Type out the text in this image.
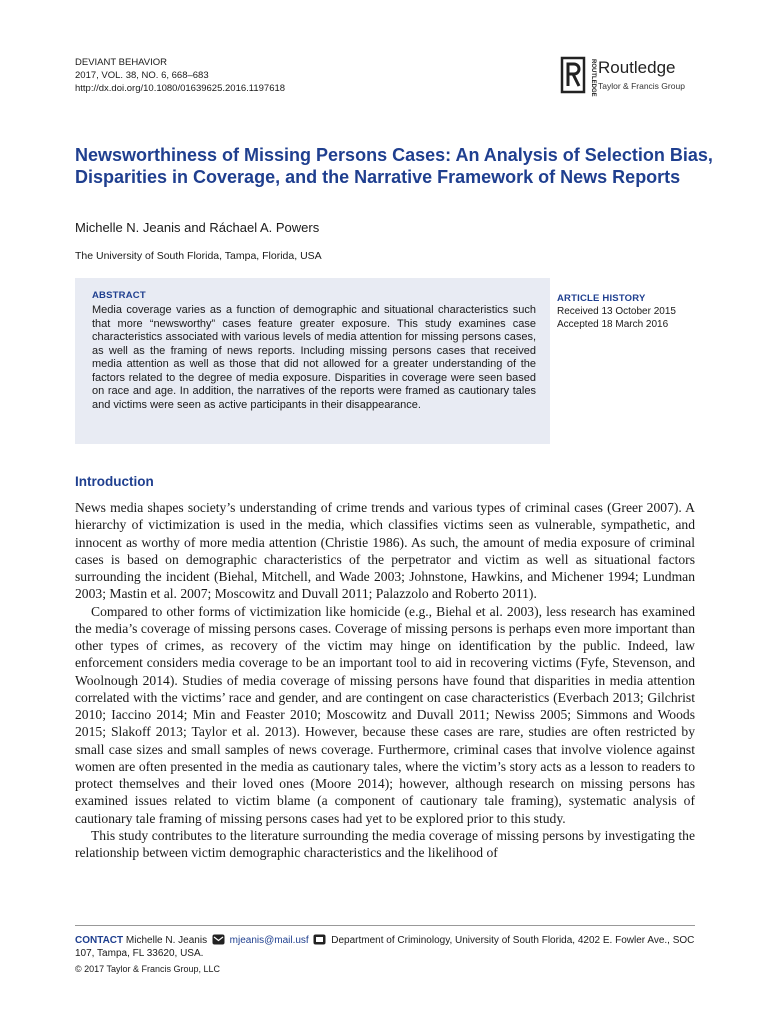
DEVIANT BEHAVIOR
2017, VOL. 38, NO. 6, 668–683
http://dx.doi.org/10.1080/01639625.2016.1197618	ROUTLEDGE Routledge
Taylor & Francis Group
Newsworthiness of Missing Persons Cases: An Analysis of Selection Bias, Disparities in Coverage, and the Narrative Framework of News Reports
Michelle N. Jeanis and Ráchael A. Powers
The University of South Florida, Tampa, Florida, USA
ABSTRACT
Media coverage varies as a function of demographic and situational characteristics such that more “newsworthy” cases feature greater exposure. This study examines case characteristics associated with various levels of media attention for missing persons cases, as well as the framing of news reports. Including missing persons cases that received media attention as well as those that did not allowed for a greater understanding of the factors related to the degree of media exposure. Disparities in coverage were seen based on race and age. In addition, the narratives of the reports were framed as cautionary tales and victims were seen as active participants in their disappearance.
ARTICLE HISTORY
Received 13 October 2015
Accepted 18 March 2016
Introduction

News media shapes society’s understanding of crime trends and various types of criminal cases (Greer 2007). A hierarchy of victimization is used in the media, which classifies victims seen as vulnerable, sympathetic, and innocent as worthy of more media attention (Christie 1986). As such, the amount of media exposure of criminal cases is based on demographic characteristics of the perpetrator and victim as well as situational factors surrounding the incident (Biehal, Mitchell, and Wade 2003; Johnstone, Hawkins, and Michener 1994; Lundman 2003; Mastin et al. 2007; Moscowitz and Duvall 2011; Palazzolo and Roberto 2011).

Compared to other forms of victimization like homicide (e.g., Biehal et al. 2003), less research has examined the media’s coverage of missing persons cases. Coverage of missing persons is perhaps even more important than other types of crimes, as recovery of the victim may hinge on identification by the public. Indeed, law enforcement considers media coverage to be an important tool to aid in recovering victims (Fyfe, Stevenson, and Woolnough 2014). Studies of media coverage of missing persons have found that disparities in media attention correlated with the victims’ race and gender, and are contingent on case characteristics (Everbach 2013; Gilchrist 2010; Iaccino 2014; Min and Feaster 2010; Moscowitz and Duvall 2011; Newiss 2005; Simmons and Woods 2015; Slakoff 2013; Taylor et al. 2013). However, because these cases are rare, studies are often restricted by small case sizes and small samples of news coverage. Furthermore, criminal cases that involve violence against women are often presented in the media as cautionary tales, where the victim’s story acts as a lesson to readers to protect themselves and their loved ones (Moore 2014); however, although research on missing persons has examined issues related to victim blame (a component of cautionary tale framing), systematic analysis of cautionary tale framing of missing persons cases had yet to be explored prior to this study.

This study contributes to the literature surrounding the media coverage of missing persons by investigating the relationship between victim demographic characteristics and the likelihood of

CONTACT Michelle N. Jeanis mjeanis@mail.usf Department of Criminology, University of South Florida, 4202 E. Fowler Ave., SOC 107, Tampa, FL 33620, USA.
© 2017 Taylor & Francis Group, LLC
